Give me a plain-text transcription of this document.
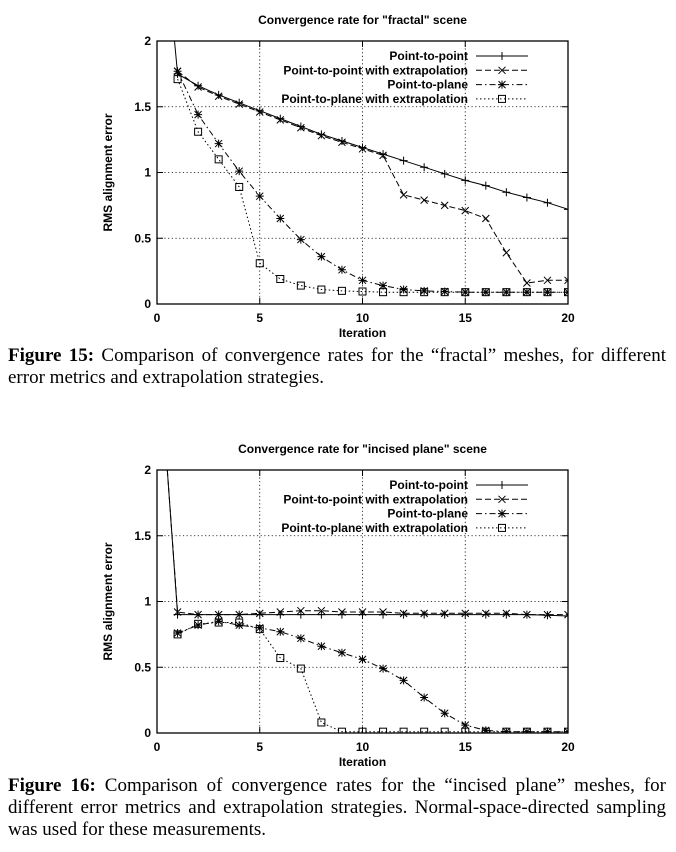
Convergence rate for "fractal" scene
0	5	10	15	20
0
0.5
1
1.5
2
Iteration
RMS alignment error
Point-to-point
Point-to-point with extrapolation
Point-to-plane
Point-to-plane with extrapolation
Figure 15: Comparison of convergence rates for the “fractal” meshes, for different error metrics and extrapolation strategies.
Convergence rate for "incised plane" scene
0	5	10	15	20
0
0.5
1
1.5
2
Iteration
RMS alignment error
Point-to-point
Point-to-point with extrapolation
Point-to-plane
Point-to-plane with extrapolation
Figure 16: Comparison of convergence rates for the “incised plane” meshes, for different error metrics and extrapolation strategies. Normal-space-directed sampling was used for these measurements.
